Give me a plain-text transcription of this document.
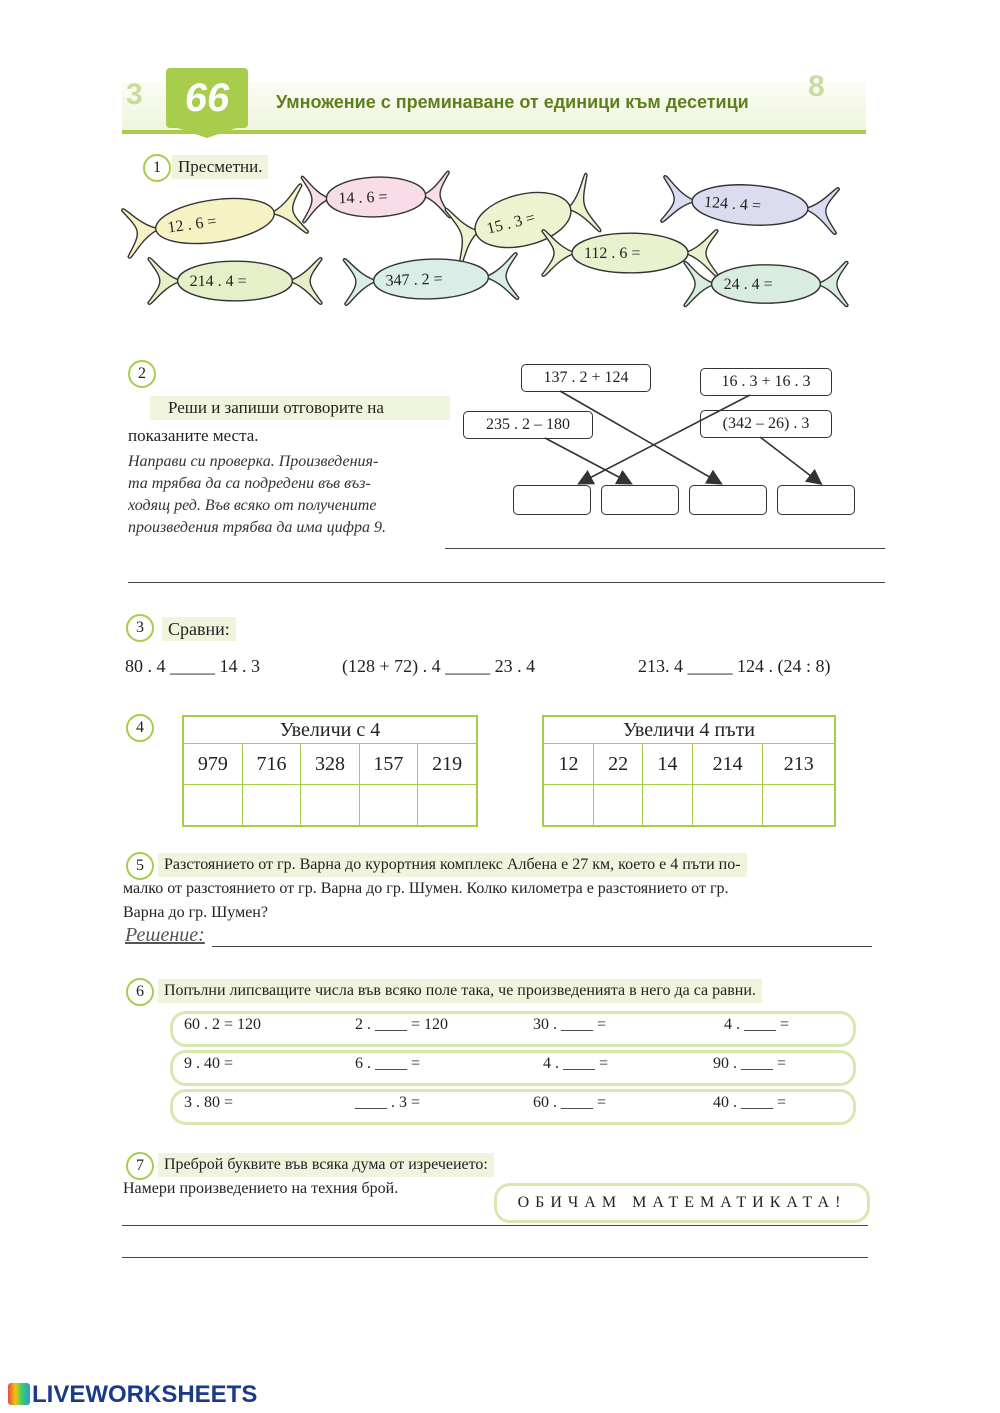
3	8
66	Умножение с преминаване от единици към десетици
1	Пресметни.
12 . 6 =
14 . 6 =
15 . 3 =
124 . 4 =
214 . 4 =	347 . 2 =
112 . 6 =
24 . 4 =
2
Реши и запиши отговорите на
показаните места.
Направи си проверка. Произведения-
та трябва да са подредени във въз-
ходящ ред. Във всяко от получените
произведения трябва да има цифра 9.
137 . 2 + 124	16 . 3 + 16 . 3
235 . 2 – 180	(342 – 26) . 3
3	Сравни:
80 . 4 _____ 14 . 3	(128 + 72) . 4 _____ 23 . 4	213. 4 _____ 124 . (24 : 8)
4	Увеличи с 4				
979	716	328	157	219

Увеличи 4 пъти				
12	22	14	214	213

5	Разстоянието от гр. Варна до курортния комплекс Албена е 27 км, което е 4 пъти по-
малко от разстоянието от гр. Варна до гр. Шумен. Колко километра е разстоянието от гр.
Варна до гр. Шумен?
Решение:
6	Попълни липсващите числа във всяко поле така, че произведенията в него да са равни.
60 . 2 = 120	2 . ____ = 120	30 . ____ =	4 . ____ =
9 . 40 =	6 . ____ =	4 . ____ =	90 . ____ =
3 . 80 =	____ . 3 =	60 . ____ =	40 . ____ =
7	Преброй буквите във всяка дума от изречеието:
Намери произведението на техния брой.
ОБИЧАМ МАТЕМАТИКАТА!
LIVEWORKSHEETS
